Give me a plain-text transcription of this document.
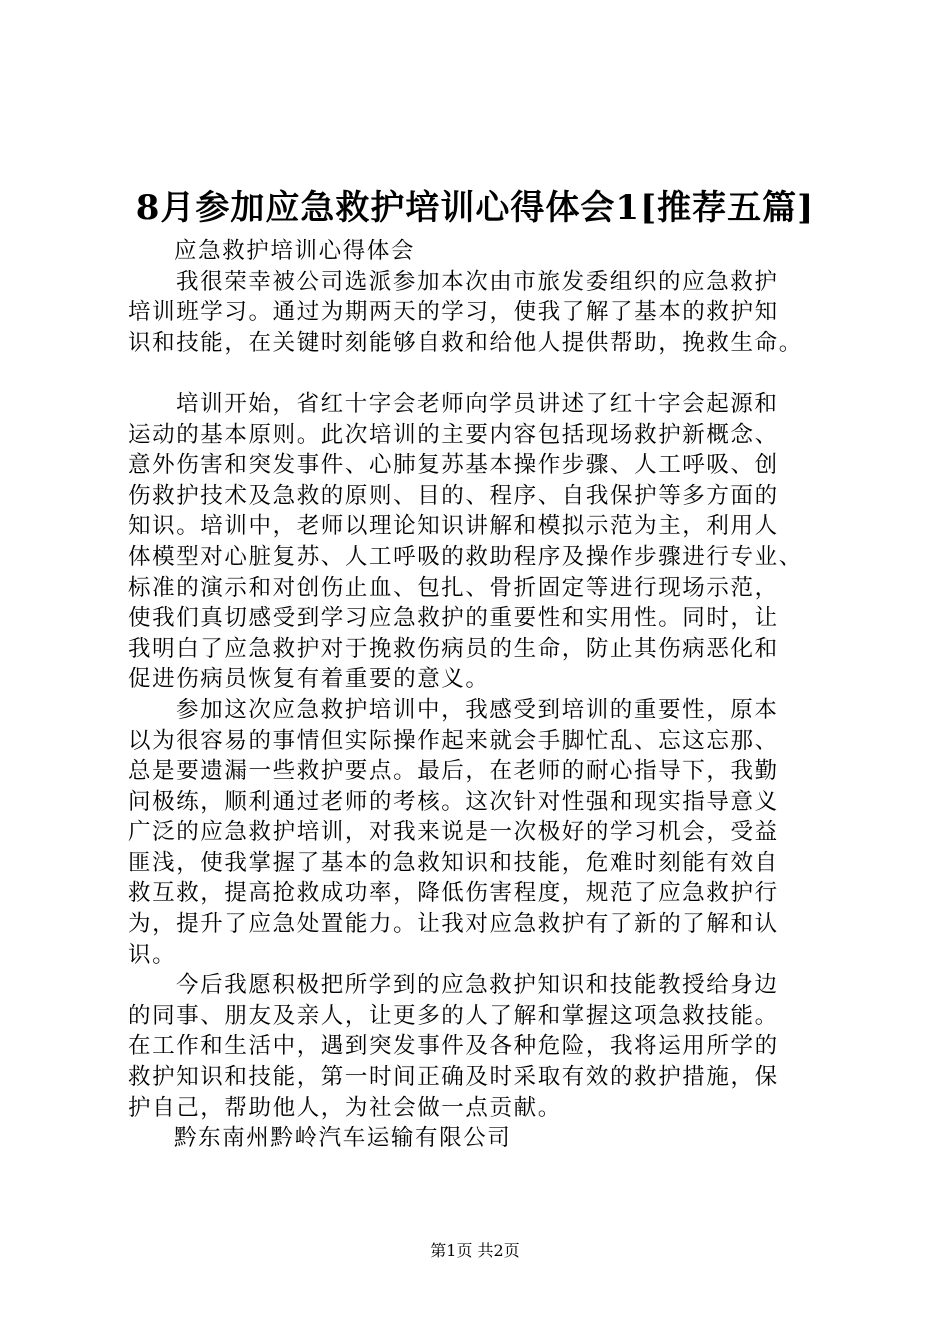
8月参加应急救护培训心得体会1[推荐五篇]
应急救护培训心得体会
我很荣幸被公司选派参加本次由市旅发委组织的应急救护
培训班学习。通过为期两天的学习，使我了解了基本的救护知
识和技能，在关键时刻能够自救和给他人提供帮助，挽救生命。
培训开始，省红十字会老师向学员讲述了红十字会起源和
运动的基本原则。此次培训的主要内容包括现场救护新概念、
意外伤害和突发事件、心肺复苏基本操作步骤、人工呼吸、创
伤救护技术及急救的原则、目的、程序、自我保护等多方面的
知识。培训中，老师以理论知识讲解和模拟示范为主，利用人
体模型对心脏复苏、人工呼吸的救助程序及操作步骤进行专业、
标准的演示和对创伤止血、包扎、骨折固定等进行现场示范，
使我们真切感受到学习应急救护的重要性和实用性。同时，让
我明白了应急救护对于挽救伤病员的生命，防止其伤病恶化和
促进伤病员恢复有着重要的意义。
参加这次应急救护培训中，我感受到培训的重要性，原本
以为很容易的事情但实际操作起来就会手脚忙乱、忘这忘那、
总是要遗漏一些救护要点。最后，在老师的耐心指导下，我勤
问极练，顺利通过老师的考核。这次针对性强和现实指导意义
广泛的应急救护培训，对我来说是一次极好的学习机会，受益
匪浅，使我掌握了基本的急救知识和技能，危难时刻能有效自
救互救，提高抢救成功率，降低伤害程度，规范了应急救护行
为，提升了应急处置能力。让我对应急救护有了新的了解和认
识。
今后我愿积极把所学到的应急救护知识和技能教授给身边
的同事、朋友及亲人，让更多的人了解和掌握这项急救技能。
在工作和生活中，遇到突发事件及各种危险，我将运用所学的
救护知识和技能，第一时间正确及时采取有效的救护措施，保
护自己，帮助他人，为社会做一点贡献。
黔东南州黔岭汽车运输有限公司
第1页 共2页
